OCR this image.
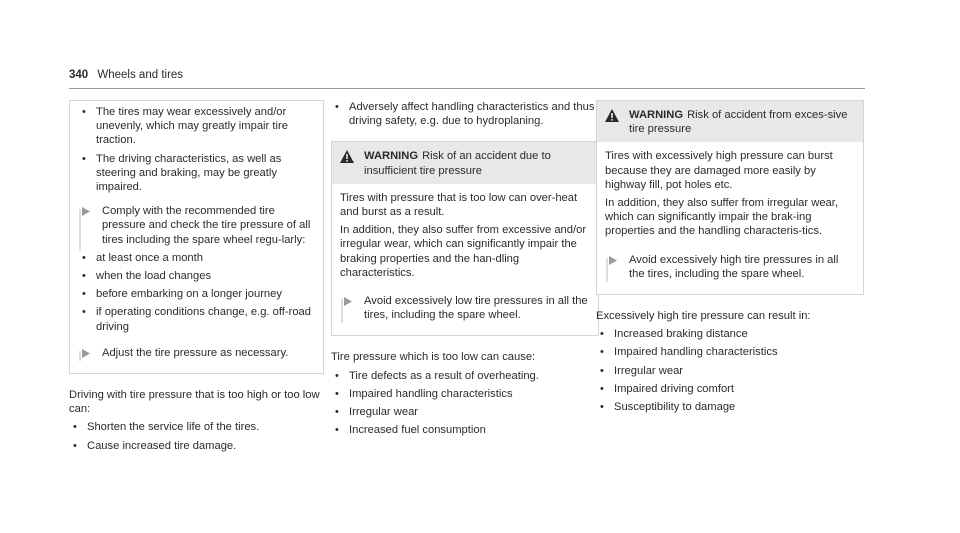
340 Wheels and tires
• The tires may wear excessively and/or unevenly, which may greatly impair tire traction.
• The driving characteristics, as well as steering and braking, may be greatly impaired.
Comply with the recommended tire pressure and check the tire pressure of all tires including the spare wheel regu-larly:
• at least once a month
• when the load changes
• before embarking on a longer journey
• if operating conditions change, e.g. off-road driving
Adjust the tire pressure as necessary.

Driving with tire pressure that is too high or too low can:

• Shorten the service life of the tires.
• Cause increased tire damage.
• Adversely affect handling characteristics and thus driving safety, e.g. due to hydroplaning.
WARNING Risk of an accident due to insufficient tire pressure

Tires with pressure that is too low can over-heat and burst as a result.

In addition, they also suffer from excessive and/or irregular wear, which can significantly impair the braking properties and the han-dling characteristics.

Avoid excessively low tire pressures in all the tires, including the spare wheel.

Tire pressure which is too low can cause:

• Tire defects as a result of overheating.
• Impaired handling characteristics
• Irregular wear
• Increased fuel consumption
WARNING Risk of accident from exces-sive tire pressure

Tires with excessively high pressure can burst because they are damaged more easily by highway fill, pot holes etc.

In addition, they also suffer from irregular wear, which can significantly impair the brak-ing properties and the handling characteris-tics.

Avoid excessively high tire pressures in all the tires, including the spare wheel.

Excessively high tire pressure can result in:

• Increased braking distance
• Impaired handling characteristics
• Irregular wear
• Impaired driving comfort
• Susceptibility to damage
